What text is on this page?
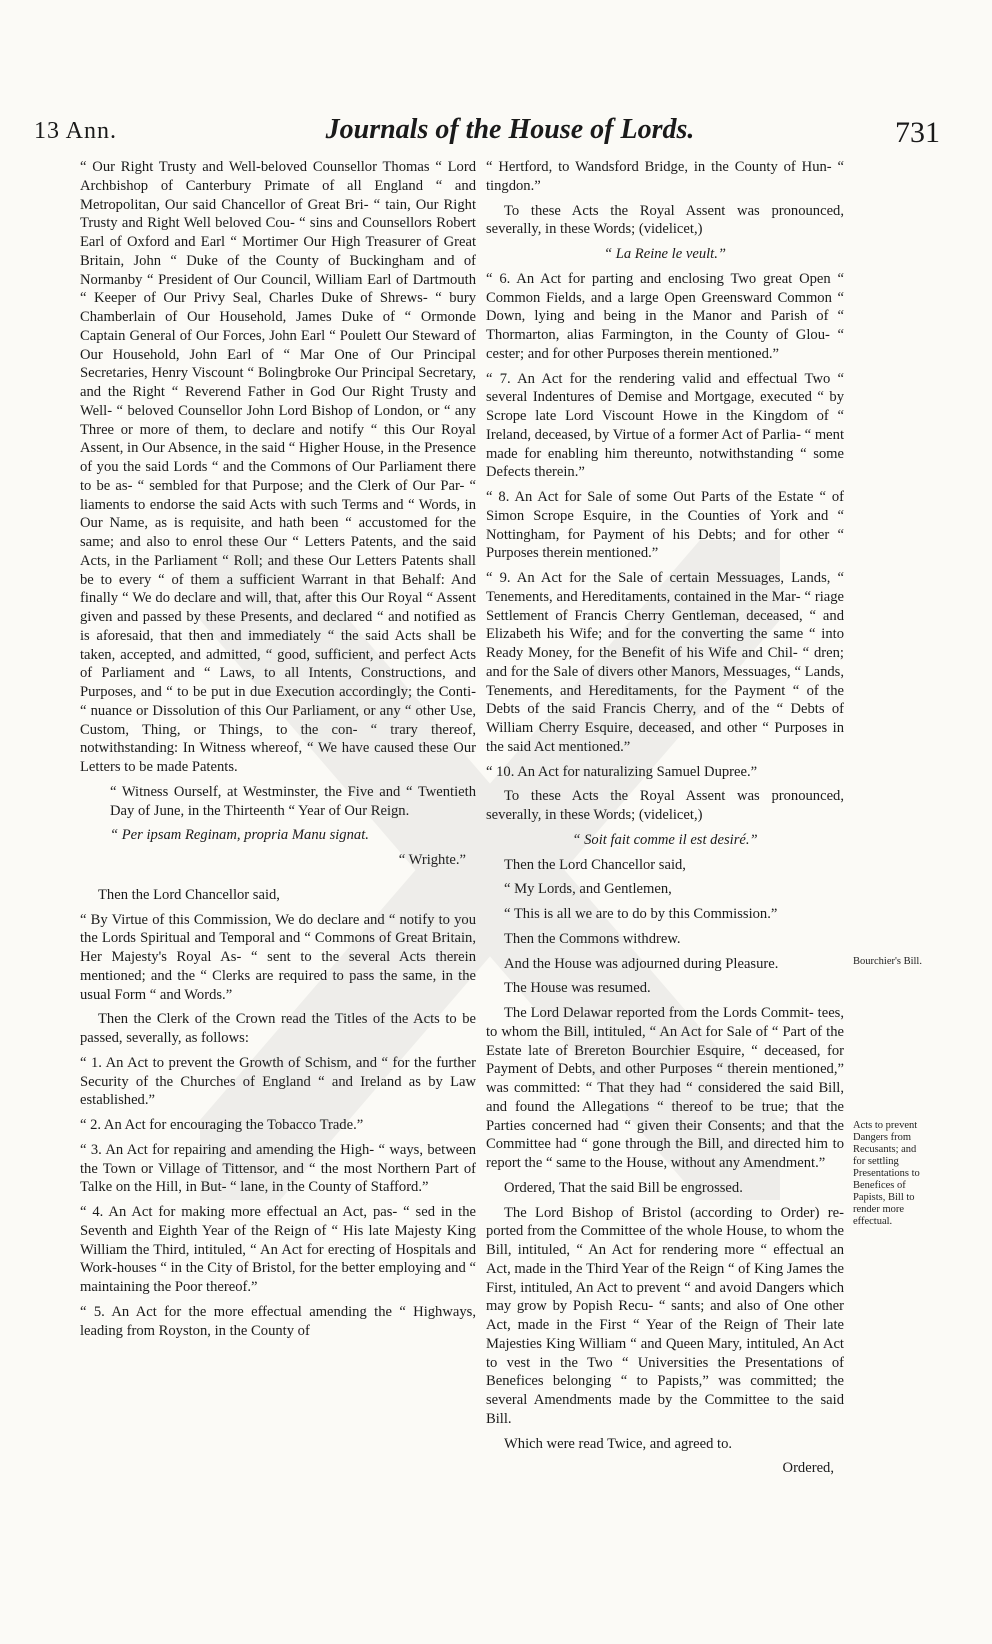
13 Ann.	Journals of the House of Lords.	731

“ Our Right Trusty and Well-beloved Counsellor Thomas “ Lord Archbishop of Canterbury Primate of all England “ and Metropolitan, Our said Chancellor of Great Bri- “ tain, Our Right Trusty and Right Well beloved Cou- “ sins and Counsellors Robert Earl of Oxford and Earl “ Mortimer Our High Treasurer of Great Britain, John “ Duke of the County of Buckingham and of Normanby “ President of Our Council, William Earl of Dartmouth “ Keeper of Our Privy Seal, Charles Duke of Shrews- “ bury Chamberlain of Our Household, James Duke of “ Ormonde Captain General of Our Forces, John Earl “ Poulett Our Steward of Our Household, John Earl of “ Mar One of Our Principal Secretaries, Henry Viscount “ Bolingbroke Our Principal Secretary, and the Right “ Reverend Father in God Our Right Trusty and Well- “ beloved Counsellor John Lord Bishop of London, or “ any Three or more of them, to declare and notify “ this Our Royal Assent, in Our Absence, in the said “ Higher House, in the Presence of you the said Lords “ and the Commons of Our Parliament there to be as- “ sembled for that Purpose; and the Clerk of Our Par- “ liaments to endorse the said Acts with such Terms and “ Words, in Our Name, as is requisite, and hath been “ accustomed for the same; and also to enrol these Our “ Letters Patents, and the said Acts, in the Parliament “ Roll; and these Our Letters Patents shall be to every “ of them a sufficient Warrant in that Behalf: And finally “ We do declare and will, that, after this Our Royal “ Assent given and passed by these Presents, and declared “ and notified as is aforesaid, that then and immediately “ the said Acts shall be taken, accepted, and admitted, “ good, sufficient, and perfect Acts of Parliament and “ Laws, to all Intents, Constructions, and Purposes, and “ to be put in due Execution accordingly; the Conti- “ nuance or Dissolution of this Our Parliament, or any “ other Use, Custom, Thing, or Things, to the con- “ trary thereof, notwithstanding: In Witness whereof, “ We have caused these Our Letters to be made Patents.

“ Witness Ourself, at Westminster, the Five and “ Twentieth Day of June, in the Thirteenth “ Year of Our Reign.

“ Per ipsam Reginam, propria Manu signat.

“ Wrighte.”

Then the Lord Chancellor said,

“ By Virtue of this Commission, We do declare and “ notify to you the Lords Spiritual and Temporal and “ Commons of Great Britain, Her Majesty's Royal As- “ sent to the several Acts therein mentioned; and the “ Clerks are required to pass the same, in the usual Form “ and Words.”

Then the Clerk of the Crown read the Titles of the Acts to be passed, severally, as follows:

“ 1. An Act to prevent the Growth of Schism, and “ for the further Security of the Churches of England “ and Ireland as by Law established.”

“ 2. An Act for encouraging the Tobacco Trade.”

“ 3. An Act for repairing and amending the High- “ ways, between the Town or Village of Tittensor, and “ the most Northern Part of Talke on the Hill, in But- “ lane, in the County of Stafford.”

“ 4. An Act for making more effectual an Act, pas- “ sed in the Seventh and Eighth Year of the Reign of “ His late Majesty King William the Third, intituled, “ An Act for erecting of Hospitals and Work-houses “ in the City of Bristol, for the better employing and “ maintaining the Poor thereof.”

“ 5. An Act for the more effectual amending the “ Highways, leading from Royston, in the County of

“ Hertford, to Wandsford Bridge, in the County of Hun- “ tingdon.”

To these Acts the Royal Assent was pronounced, severally, in these Words; (videlicet,)

“ La Reine le veult.”

“ 6. An Act for parting and enclosing Two great Open “ Common Fields, and a large Open Greensward Common “ Down, lying and being in the Manor and Parish of “ Thormarton, alias Farmington, in the County of Glou- “ cester; and for other Purposes therein mentioned.”

“ 7. An Act for the rendering valid and effectual Two “ several Indentures of Demise and Mortgage, executed “ by Scrope late Lord Viscount Howe in the Kingdom of “ Ireland, deceased, by Virtue of a former Act of Parlia- “ ment made for enabling him thereunto, notwithstanding “ some Defects therein.”

“ 8. An Act for Sale of some Out Parts of the Estate “ of Simon Scrope Esquire, in the Counties of York and “ Nottingham, for Payment of his Debts; and for other “ Purposes therein mentioned.”

“ 9. An Act for the Sale of certain Messuages, Lands, “ Tenements, and Hereditaments, contained in the Mar- “ riage Settlement of Francis Cherry Gentleman, deceased, “ and Elizabeth his Wife; and for the converting the same “ into Ready Money, for the Benefit of his Wife and Chil- “ dren; and for the Sale of divers other Manors, Messuages, “ Lands, Tenements, and Hereditaments, for the Payment “ of the Debts of the said Francis Cherry, and of the “ Debts of William Cherry Esquire, deceased, and other “ Purposes in the said Act mentioned.”

“ 10. An Act for naturalizing Samuel Dupree.”

To these Acts the Royal Assent was pronounced, severally, in these Words; (videlicet,)

“ Soit fait comme il est desiré.”

Then the Lord Chancellor said,

“ My Lords, and Gentlemen,

“ This is all we are to do by this Commission.”

Then the Commons withdrew.

And the House was adjourned during Pleasure.

The House was resumed.

The Lord Delawar reported from the Lords Commit- tees, to whom the Bill, intituled, “ An Act for Sale of “ Part of the Estate late of Brereton Bourchier Esquire, “ deceased, for Payment of Debts, and other Purposes “ therein mentioned,” was committed: “ That they had “ considered the said Bill, and found the Allegations “ thereof to be true; that the Parties concerned had “ given their Consents; and that the Committee had “ gone through the Bill, and directed him to report the “ same to the House, without any Amendment.”

Ordered, That the said Bill be engrossed.

The Lord Bishop of Bristol (according to Order) re- ported from the Committee of the whole House, to whom the Bill, intituled, “ An Act for rendering more “ effectual an Act, made in the Third Year of the Reign “ of King James the First, intituled, An Act to prevent “ and avoid Dangers which may grow by Popish Recu- “ sants; and also of One other Act, made in the First “ Year of the Reign of Their late Majesties King William “ and Queen Mary, intituled, An Act to vest in the Two “ Universities the Presentations of Benefices belonging “ to Papists,” was committed; the several Amendments made by the Committee to the said Bill.

Which were read Twice, and agreed to.

Ordered,

Bourchier's Bill.
Acts to prevent Dangers from Recusants; and for settling Presentations to Benefices of Papists, Bill to render more effectual.
